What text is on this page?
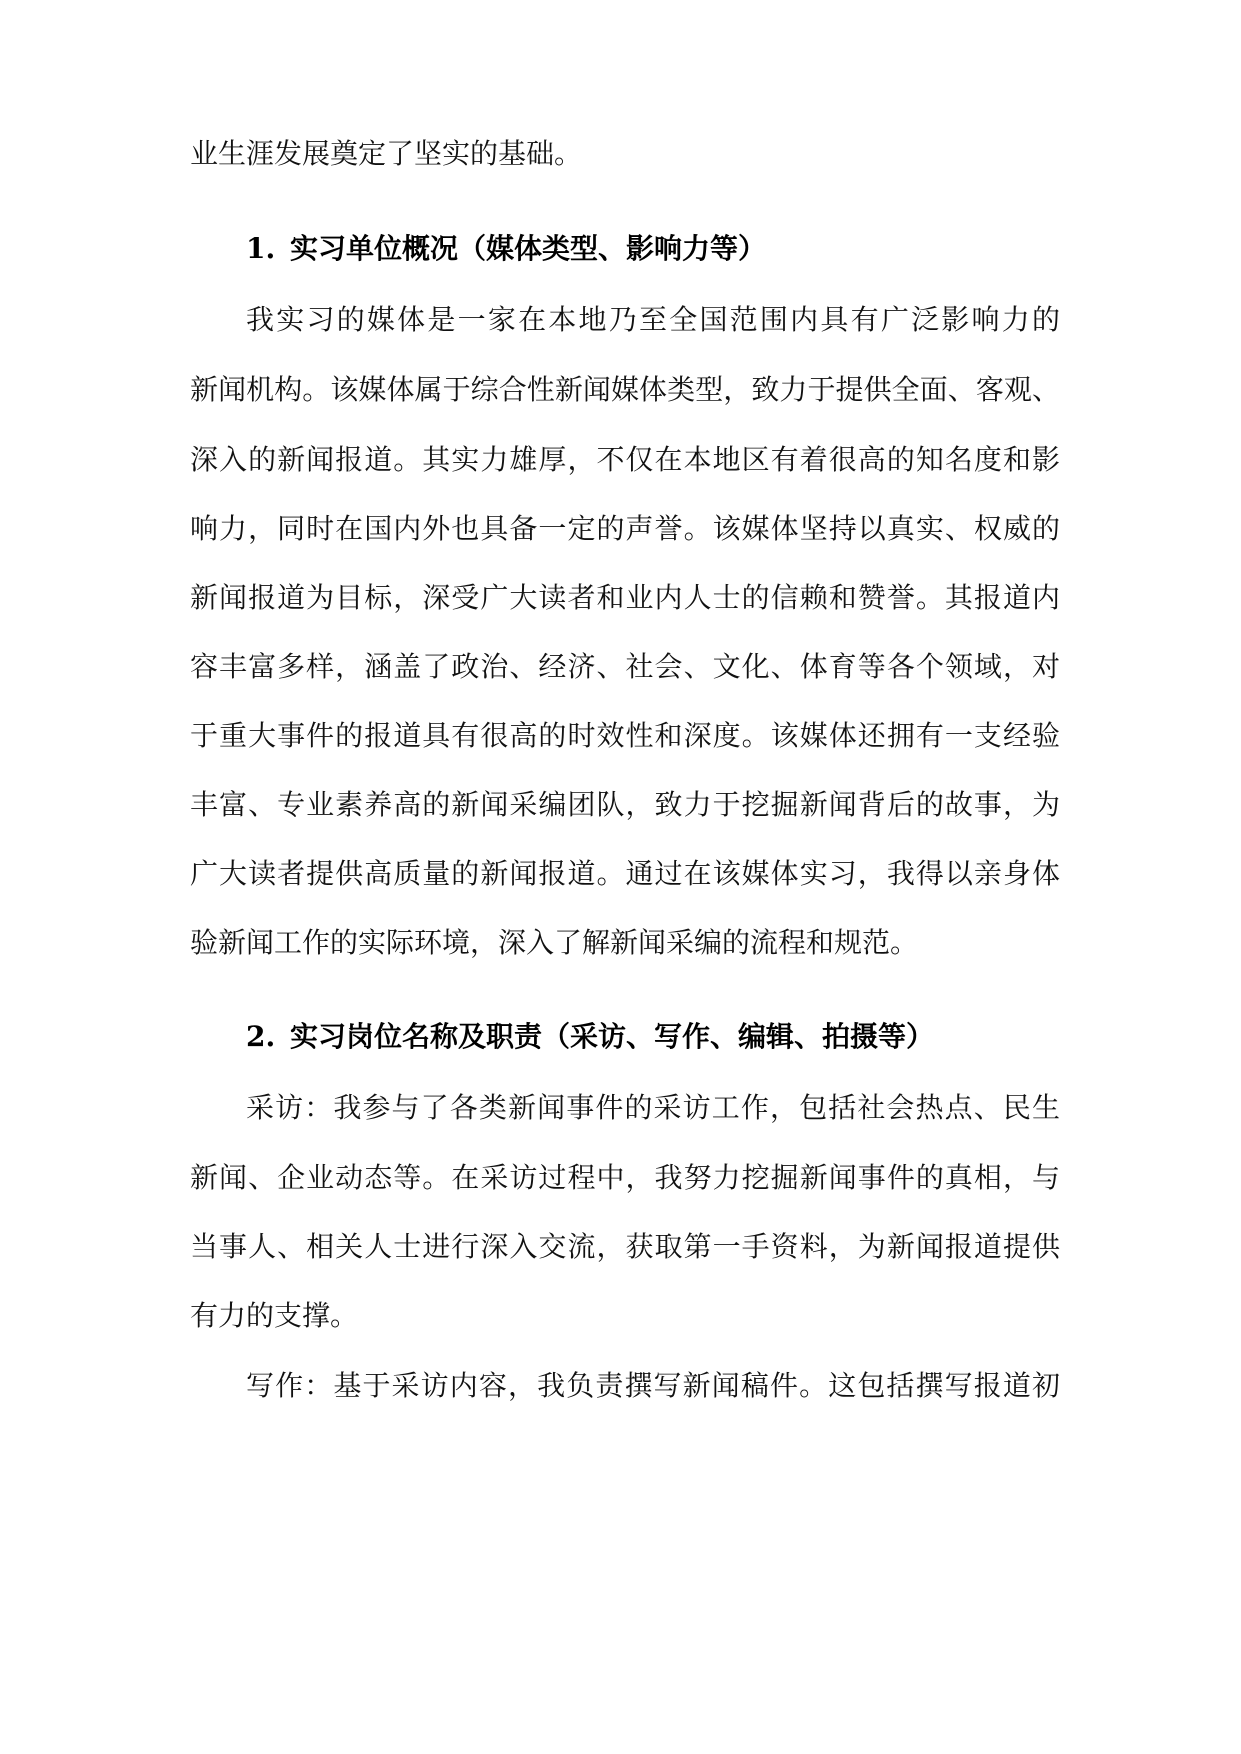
业生涯发展奠定了坚实的基础。
1. 实习单位概况（媒体类型、影响力等）
我实习的媒体是一家在本地乃至全国范围内具有广泛影响力的
新闻机构。该媒体属于综合性新闻媒体类型，致力于提供全面、客观、
深入的新闻报道。其实力雄厚，不仅在本地区有着很高的知名度和影
响力，同时在国内外也具备一定的声誉。该媒体坚持以真实、权威的
新闻报道为目标，深受广大读者和业内人士的信赖和赞誉。其报道内
容丰富多样，涵盖了政治、经济、社会、文化、体育等各个领域，对
于重大事件的报道具有很高的时效性和深度。该媒体还拥有一支经验
丰富、专业素养高的新闻采编团队，致力于挖掘新闻背后的故事，为
广大读者提供高质量的新闻报道。通过在该媒体实习，我得以亲身体
验新闻工作的实际环境，深入了解新闻采编的流程和规范。
2. 实习岗位名称及职责（采访、写作、编辑、拍摄等）
采访：我参与了各类新闻事件的采访工作，包括社会热点、民生
新闻、企业动态等。在采访过程中，我努力挖掘新闻事件的真相，与
当事人、相关人士进行深入交流，获取第一手资料，为新闻报道提供
有力的支撑。
写作：基于采访内容，我负责撰写新闻稿件。这包括撰写报道初
